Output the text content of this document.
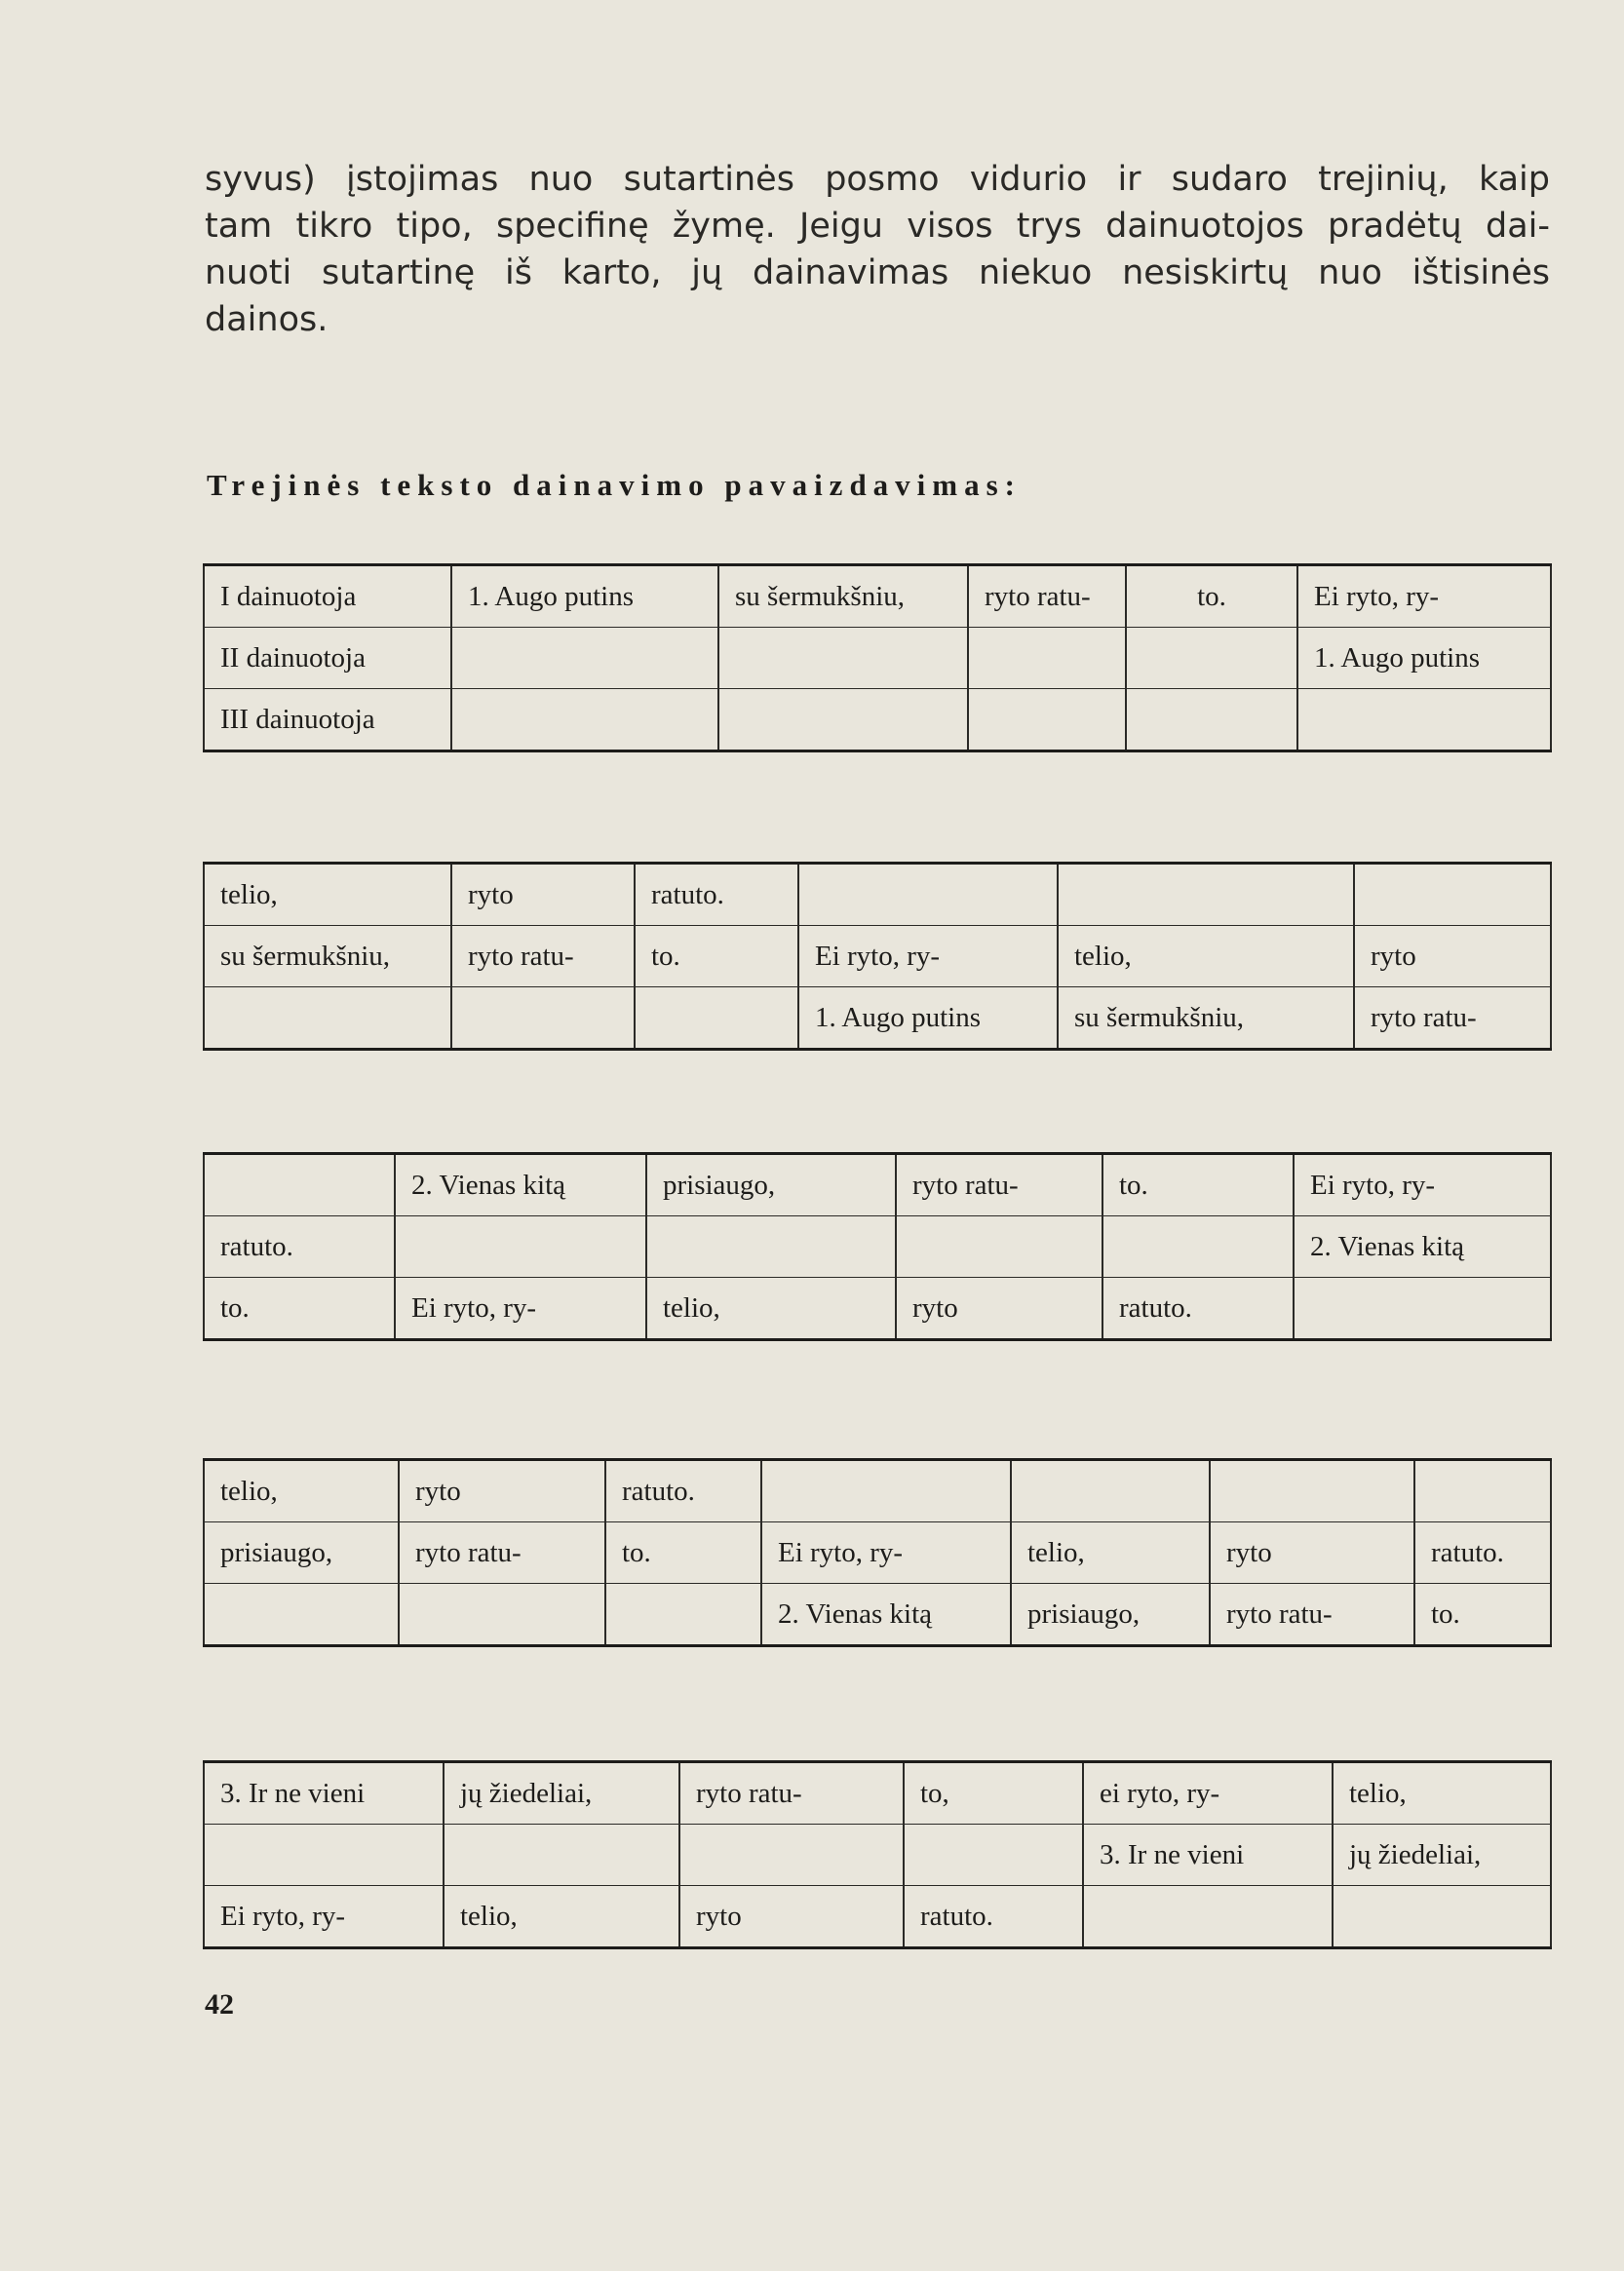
syvus) įstojimas nuo sutartinės posmo vidurio ir sudaro trejinių, kaip
tam tikro tipo, specifinę žymę. Jeigu visos trys dainuotojos pradėtų dai-
nuoti sutartinę iš karto, jų dainavimas niekuo nesiskirtų nuo ištisinės
dainos.
Trejinės teksto dainavimo pavaizdavimas:
I dainuotoja	1. Augo putins	su šermukšniu,	ryto ratu-	to.	Ei ryto, ry-
II dainuotoja					1. Augo putins
III dainuotoja					
telio,	ryto	ratuto.				
su šermukšniu,	ryto ratu-	to.	Ei ryto, ry-	telio,		ryto
			1. Augo putins	su šermukšniu,		ryto ratu-
	2. Vienas kitą	prisiaugo,	ryto ratu-	to.	Ei ryto, ry-
ratuto.					2. Vienas kitą
to.	Ei ryto, ry-	telio,	ryto	ratuto.	
telio,	ryto	ratuto.				
prisiaugo,	ryto ratu-	to.	Ei ryto, ry-	telio,	ryto	ratuto.
			2. Vienas kitą	prisiaugo,	ryto ratu-	to.
3. Ir ne vieni	jų žiedeliai,	ryto ratu-	to,	ei ryto, ry-	telio,
				3. Ir ne vieni	jų žiedeliai,
Ei ryto, ry-	telio,	ryto	ratuto.		
42
